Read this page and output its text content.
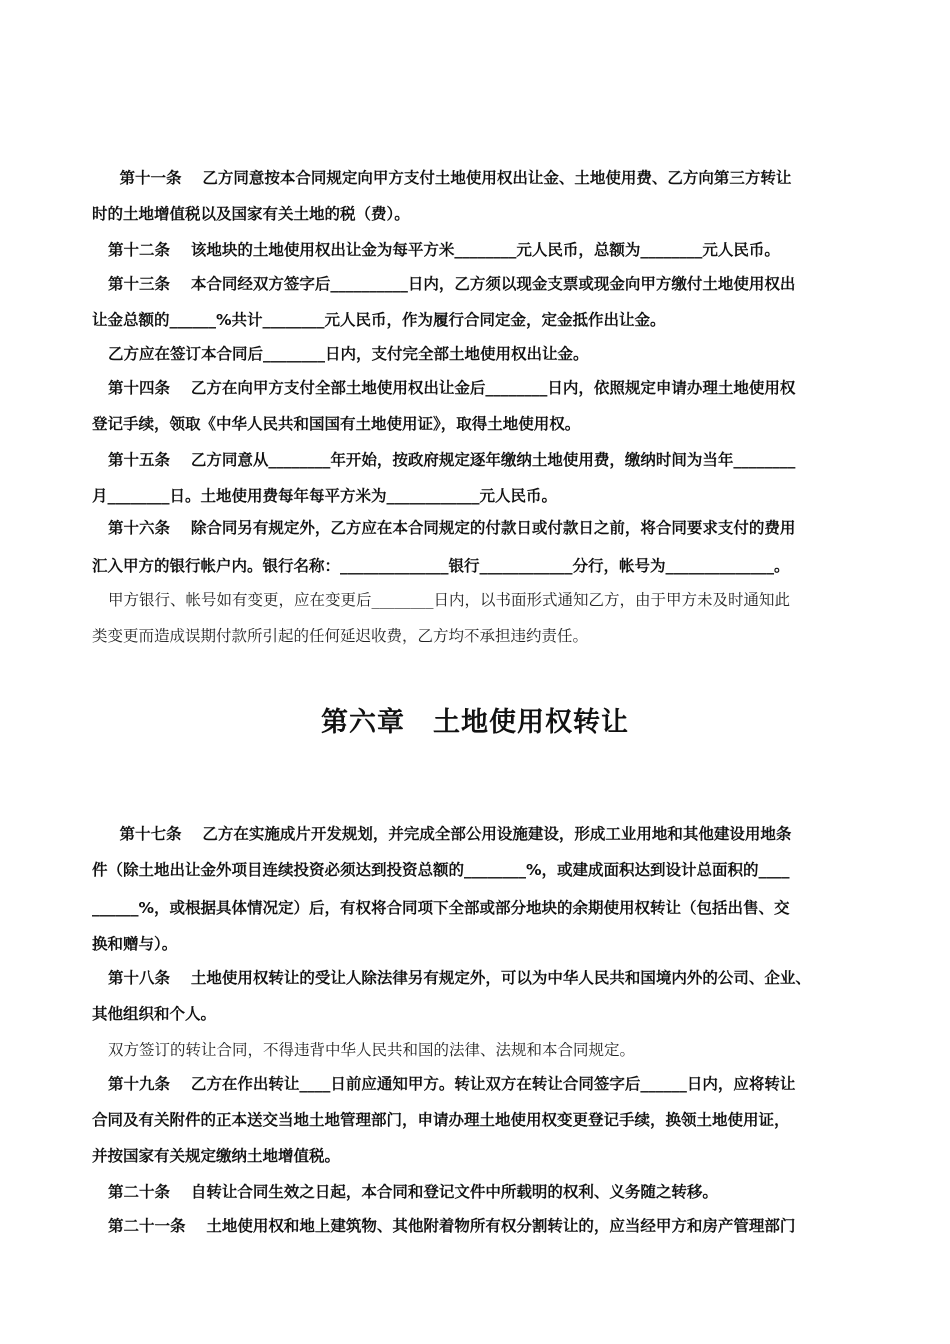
　第十一条　 乙方同意按本合同规定向甲方支付土地使用权出让金、土地使用费、乙方向第三方转让
时的土地增值税以及国家有关土地的税（费）。
第十二条　 该地块的土地使用权出让金为每平方米________元人民币，总额为________元人民币。
第十三条　 本合同经双方签字后__________日内，乙方须以现金支票或现金向甲方缴付土地使用权出
让金总额的______%共计________元人民币，作为履行合同定金，定金抵作出让金。
乙方应在签订本合同后________日内，支付完全部土地使用权出让金。
第十四条　 乙方在向甲方支付全部土地使用权出让金后________日内，依照规定申请办理土地使用权
登记手续，领取《中华人民共和国国有土地使用证》，取得土地使用权。
第十五条　 乙方同意从________年开始，按政府规定逐年缴纳土地使用费，缴纳时间为当年________
月________日。土地使用费每年每平方米为____________元人民币。
第十六条　 除合同另有规定外，乙方应在本合同规定的付款日或付款日之前，将合同要求支付的费用
汇入甲方的银行帐户内。银行名称：______________银行____________分行，帐号为______________。
甲方银行、帐号如有变更，应在变更后________日内，以书面形式通知乙方，由于甲方未及时通知此
类变更而造成误期付款所引起的任何延迟收费，乙方均不承担违约责任。
第六章　土地使用权转让
　第十七条　 乙方在实施成片开发规划，并完成全部公用设施建设，形成工业用地和其他建设用地条
件（除土地出让金外项目连续投资必须达到投资总额的________%，或建成面积达到设计总面积的____
______%，或根据具体情况定）后，有权将合同项下全部或部分地块的余期使用权转让（包括出售、交
换和赠与）。
第十八条　 土地使用权转让的受让人除法律另有规定外，可以为中华人民共和国境内外的公司、企业、
其他组织和个人。
双方签订的转让合同，不得违背中华人民共和国的法律、法规和本合同规定。
第十九条　 乙方在作出转让____日前应通知甲方。转让双方在转让合同签字后______日内，应将转让
合同及有关附件的正本送交当地土地管理部门，申请办理土地使用权变更登记手续，换领土地使用证，
并按国家有关规定缴纳土地增值税。
第二十条　 自转让合同生效之日起，本合同和登记文件中所载明的权利、义务随之转移。
第二十一条　 土地使用权和地上建筑物、其他附着物所有权分割转让的，应当经甲方和房产管理部门
